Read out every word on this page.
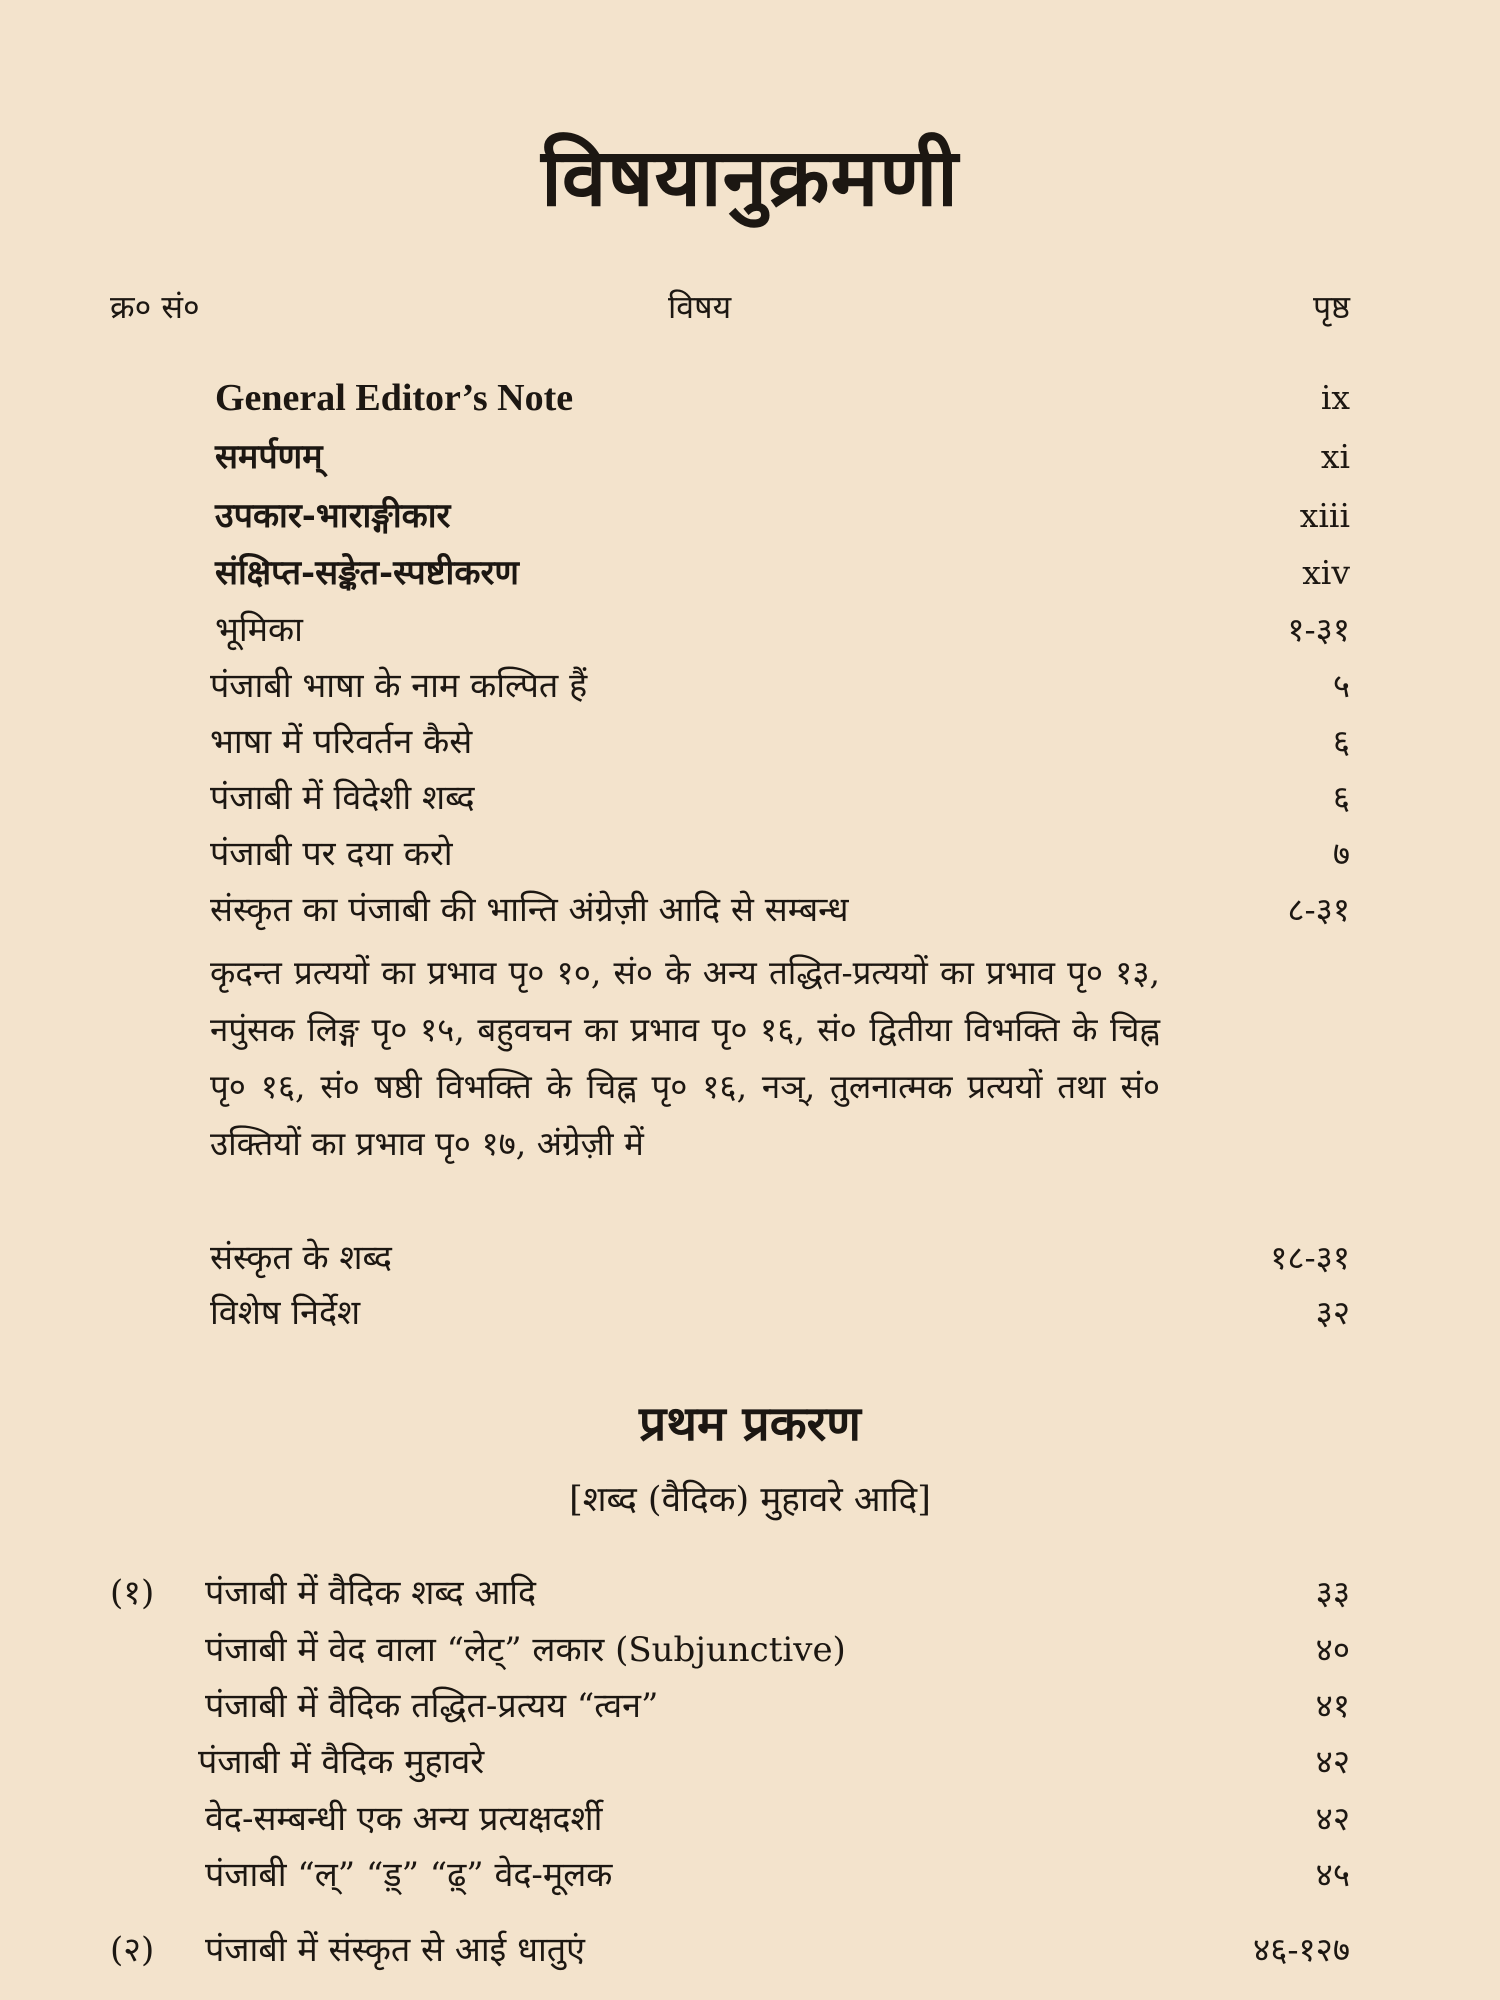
विषयानुक्रमणी
क्र० सं०	विषय	पृष्ठ
General Editor’s Note	ix
समर्पणम्	xi
उपकार-भाराङ्गीकार	xiii
संक्षिप्त-सङ्केत-स्पष्टीकरण	xiv
भूमिका	१-३१
पंजाबी भाषा के नाम कल्पित हैं	५
भाषा में परिवर्तन कैसे	६
पंजाबी में विदेशी शब्द	६
पंजाबी पर दया करो	७
संस्कृत का पंजाबी की भान्ति अंग्रेज़ी आदि से सम्बन्ध	८-३१
कृदन्त प्रत्ययों का प्रभाव पृ० १०, सं० के अन्य तद्धित-प्रत्ययों का प्रभाव पृ० १३, नपुंसक लिङ्ग पृ० १५, बहुवचन का प्रभाव पृ० १६, सं० द्वितीया विभक्ति के चिह्न पृ० १६, सं० षष्ठी विभक्ति के चिह्न पृ० १६, नञ्, तुलनात्मक प्रत्ययों तथा सं० उक्तियों का प्रभाव पृ० १७, अंग्रेज़ी में
संस्कृत के शब्द	१८-३१
विशेष निर्देश	३२
प्रथम प्रकरण
[शब्द (वैदिक) मुहावरे आदि]
(१) पंजाबी में वैदिक शब्द आदि	३३
पंजाबी में वेद वाला “लेट्” लकार (Subjunctive)	४०
पंजाबी में वैदिक तद्धित-प्रत्यय “त्वन”	४१
पंजाबी में वैदिक मुहावरे	४२
वेद-सम्बन्धी एक अन्य प्रत्यक्षदर्शी	४२
पंजाबी “ल्” “ड़्” “ढ़्” वेद-मूलक	४५
(२) पंजाबी में संस्कृत से आई धातुएं	४६-१२७
